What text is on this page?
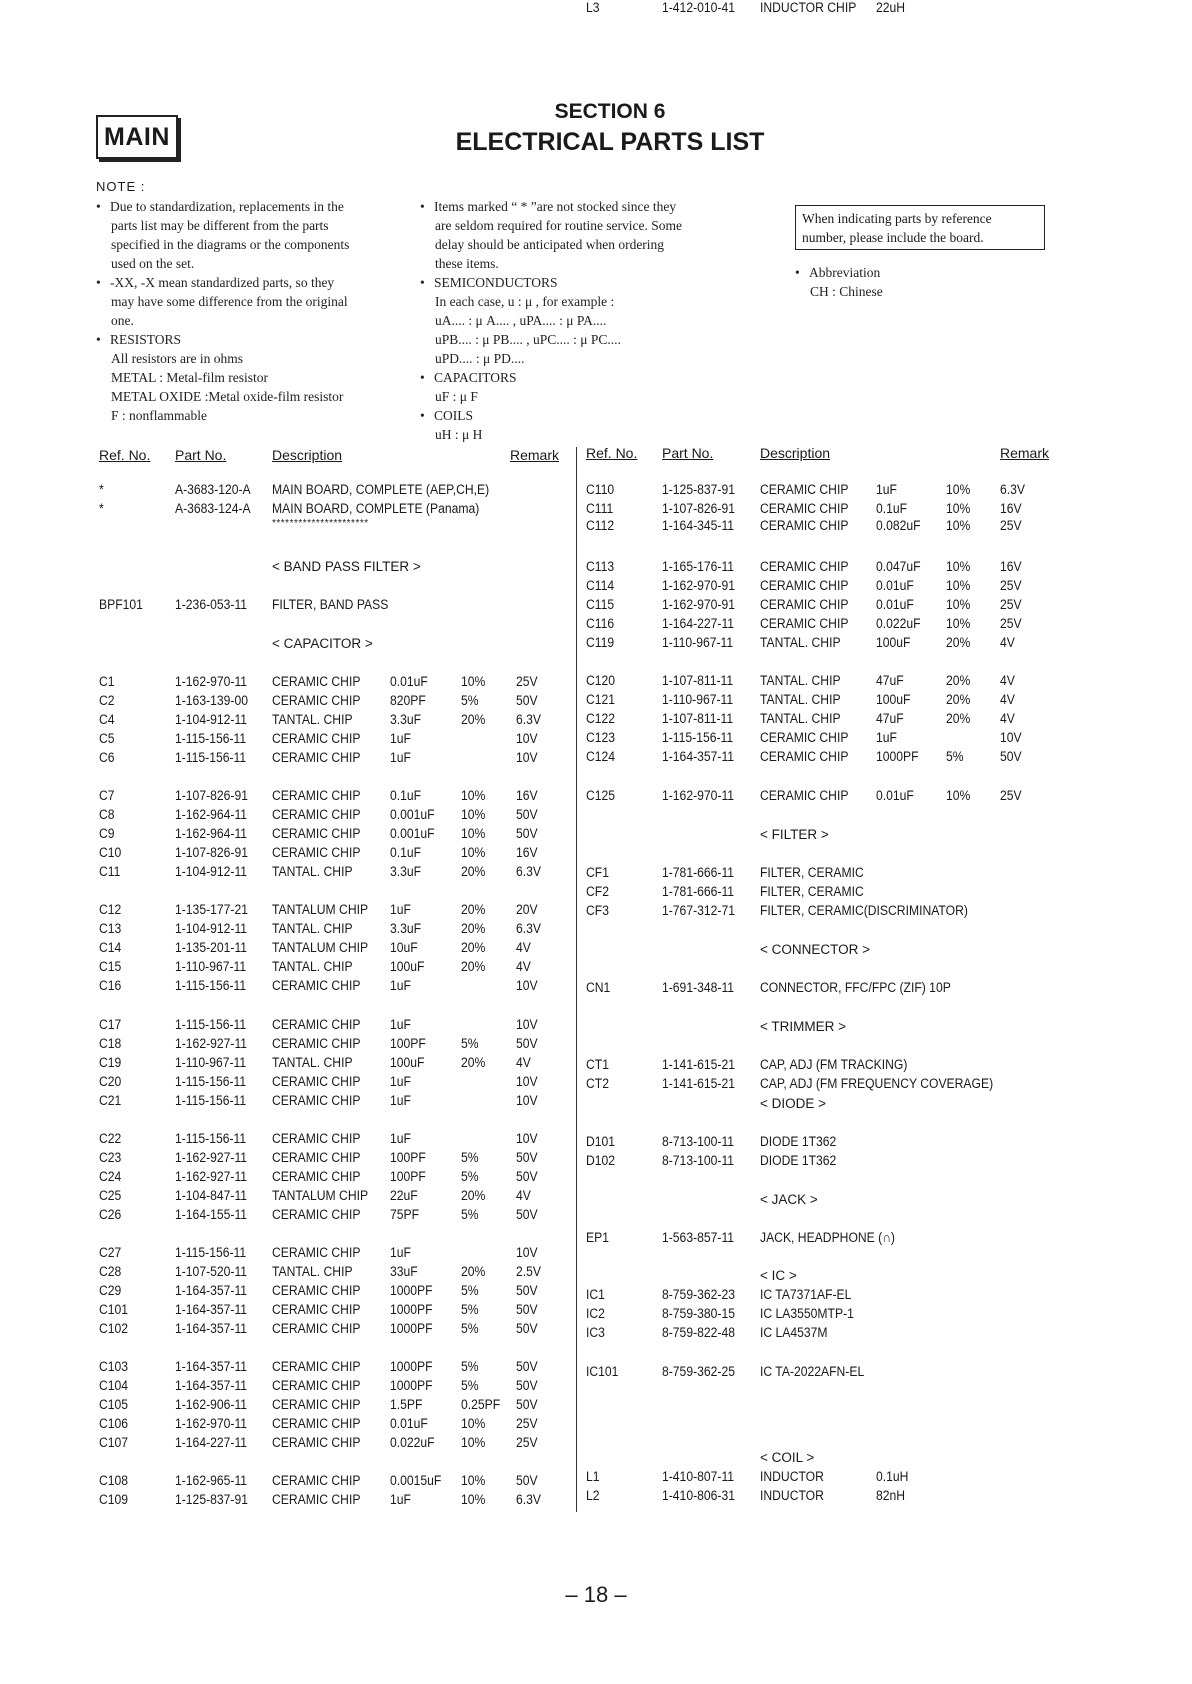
MAIN
SECTION 6
ELECTRICAL PARTS LIST
NOTE :
• Due to standardization, replacements in the
parts list may be different from the parts
specified in the diagrams or the components
used on the set.
• -XX, -X mean standardized parts, so they
may have some difference from the original
one.
• RESISTORS
All resistors are in ohms
METAL : Metal-film resistor
METAL OXIDE :Metal oxide-film resistor
F : nonflammable
• Items marked “ * ”are not stocked since they
are seldom required for routine service. Some
delay should be anticipated when ordering
these items.
• SEMICONDUCTORS
In each case, u : μ , for example :
uA.... : μ A.... , uPA.... : μ PA....
uPB.... : μ PB.... , uPC.... : μ PC....
uPD.... : μ PD....
• CAPACITORS
uF : μ F
• COILS
uH : μ H
When indicating parts by reference number, please include the board.
• Abbreviation
CH : Chinese
Ref. No. Part No.	Description	Remark Ref. No. Part No.	Description	Remark
*	A-3683-120-A MAIN BOARD, COMPLETE (AEP,CH,E)
*	A-3683-124-A MAIN BOARD, COMPLETE (Panama)
**********************
< BAND PASS FILTER >
BPF101 1-236-053-11 FILTER, BAND PASS
< CAPACITOR >
C1	1-162-970-11 CERAMIC CHIP 0.01uF 10% 25V
C2	1-163-139-00 CERAMIC CHIP 820PF	5%	50V
C4	1-104-912-11 TANTAL. CHIP	3.3uF	20% 6.3V
C5	1-115-156-11 CERAMIC CHIP 1uF	10V
C6	1-115-156-11 CERAMIC CHIP 1uF	10V
C7	1-107-826-91 CERAMIC CHIP 0.1uF	10% 16V
C8	1-162-964-11 CERAMIC CHIP 0.001uF 10% 50V
C9	1-162-964-11 CERAMIC CHIP 0.001uF 10% 50V
C10	1-107-826-91 CERAMIC CHIP 0.1uF	10% 16V
C11	1-104-912-11 TANTAL. CHIP	3.3uF	20% 6.3V
C12	1-135-177-21 TANTALUM CHIP 1uF	20% 20V
C13	1-104-912-11 TANTAL. CHIP	3.3uF	20% 6.3V
C14	1-135-201-11 TANTALUM CHIP 10uF	20% 4V
C15	1-110-967-11 TANTAL. CHIP	100uF	20% 4V
C16	1-115-156-11 CERAMIC CHIP 1uF	10V
C17	1-115-156-11 CERAMIC CHIP 1uF	10V
C18	1-162-927-11 CERAMIC CHIP 100PF	5%	50V
C19	1-110-967-11 TANTAL. CHIP	100uF	20% 4V
C20	1-115-156-11 CERAMIC CHIP 1uF	10V
C21	1-115-156-11 CERAMIC CHIP 1uF	10V
C22	1-115-156-11 CERAMIC CHIP 1uF	10V
C23	1-162-927-11 CERAMIC CHIP 100PF	5%	50V
C24	1-162-927-11 CERAMIC CHIP 100PF	5%	50V
C25	1-104-847-11 TANTALUM CHIP 22uF	20% 4V
C26	1-164-155-11 CERAMIC CHIP 75PF	5%	50V
C27	1-115-156-11 CERAMIC CHIP 1uF	10V
C28	1-107-520-11 TANTAL. CHIP	33uF	20% 2.5V
C29	1-164-357-11 CERAMIC CHIP 1000PF 5%	50V
C101	1-164-357-11 CERAMIC CHIP 1000PF 5%	50V
C102	1-164-357-11 CERAMIC CHIP 1000PF 5%	50V
C103	1-164-357-11 CERAMIC CHIP 1000PF 5%	50V
C104	1-164-357-11 CERAMIC CHIP 1000PF 5%	50V
C105	1-162-906-11 CERAMIC CHIP 1.5PF	0.25PF 50V
C106	1-162-970-11 CERAMIC CHIP 0.01uF 10% 25V
C107	1-164-227-11 CERAMIC CHIP 0.022uF 10% 25V
C108	1-162-965-11 CERAMIC CHIP 0.0015uF 10% 50V
C109	1-125-837-91 CERAMIC CHIP 1uF	10% 6.3V
C110	1-125-837-91 CERAMIC CHIP 1uF	10% 6.3V
C111	1-107-826-91 CERAMIC CHIP 0.1uF	10% 16V
C112	1-164-345-11 CERAMIC CHIP 0.082uF 10% 25V
C113	1-165-176-11 CERAMIC CHIP 0.047uF 10% 16V
C114	1-162-970-91 CERAMIC CHIP 0.01uF 10% 25V
C115	1-162-970-91 CERAMIC CHIP 0.01uF 10% 25V
C116	1-164-227-11 CERAMIC CHIP 0.022uF 10% 25V
C119	1-110-967-11 TANTAL. CHIP	100uF	20% 4V
C120	1-107-811-11 TANTAL. CHIP	47uF	20% 4V
C121	1-110-967-11 TANTAL. CHIP	100uF	20% 4V
C122	1-107-811-11 TANTAL. CHIP	47uF	20% 4V
C123	1-115-156-11 CERAMIC CHIP 1uF	10V
C124	1-164-357-11 CERAMIC CHIP 1000PF 5%	50V
C125	1-162-970-11 CERAMIC CHIP 0.01uF 10% 25V
< FILTER >
CF1	1-781-666-11 FILTER, CERAMIC
CF2	1-781-666-11 FILTER, CERAMIC
CF3	1-767-312-71 FILTER, CERAMIC(DISCRIMINATOR)
< CONNECTOR >
CN1	1-691-348-11 CONNECTOR, FFC/FPC (ZIF) 10P
< TRIMMER >
CT1	1-141-615-21 CAP, ADJ (FM TRACKING)
CT2	1-141-615-21 CAP, ADJ (FM FREQUENCY COVERAGE)
< DIODE >
D101	8-713-100-11 DIODE 1T362
D102	8-713-100-11 DIODE 1T362
< JACK >
EP1	1-563-857-11 JACK, HEADPHONE (∩)
< IC >
IC1	8-759-362-23 IC TA7371AF-EL
IC2	8-759-380-15 IC LA3550MTP-1
IC3	8-759-822-48 IC LA4537M
IC101	8-759-362-25 IC TA-2022AFN-EL
< COIL >
L1	1-410-807-11 INDUCTOR	0.1uH
L2	1-410-806-31 INDUCTOR	82nH
L3	1-412-010-41 INDUCTOR CHIP 22uH
– 18 –
